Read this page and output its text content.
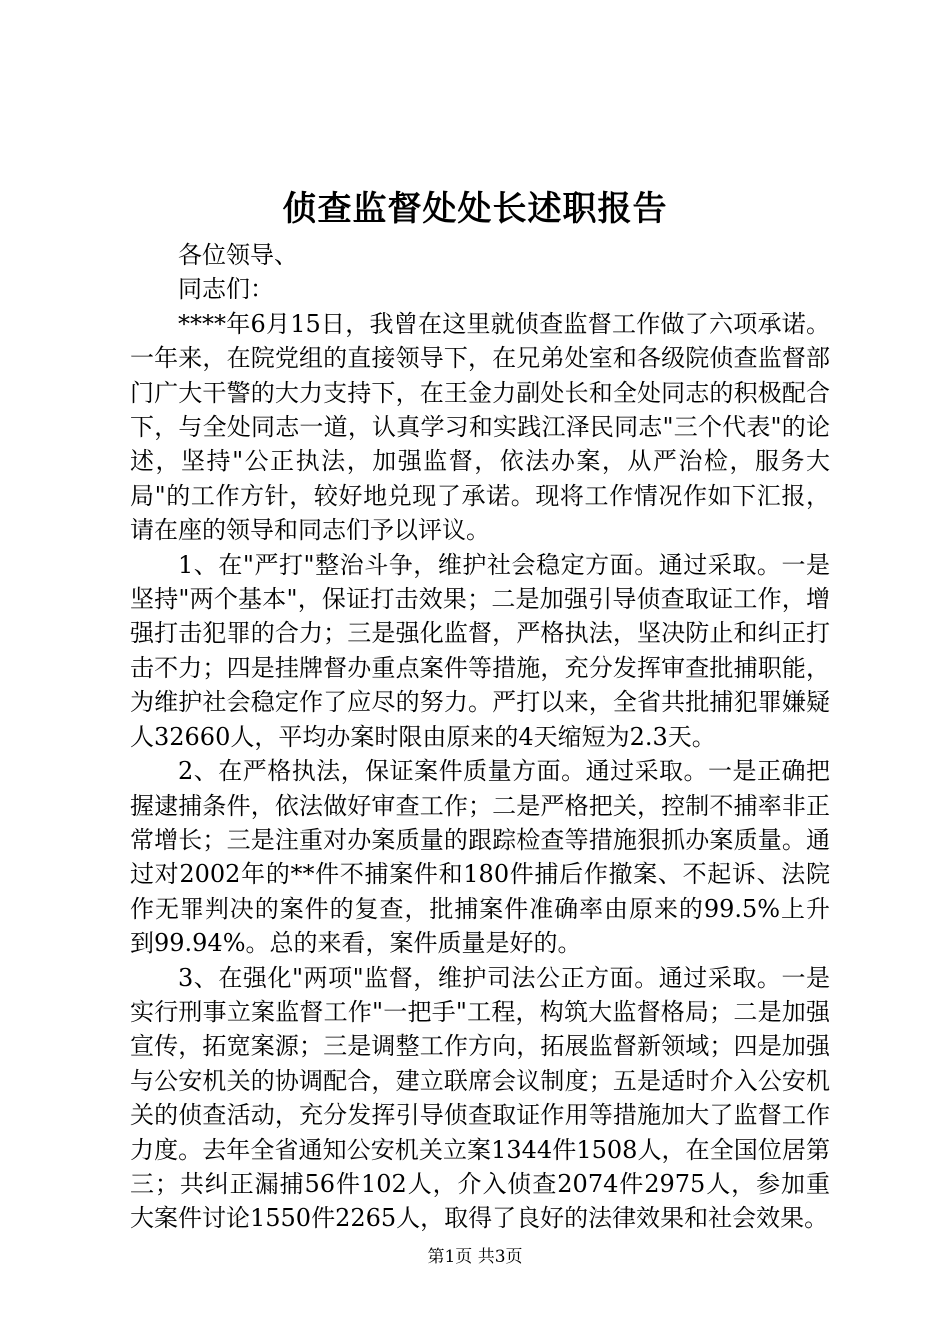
侦查监督处处长述职报告

各位领导、

同志们：

****年6月15日，我曾在这里就侦查监督工作做了六项承诺。一年来，在院党组的直接领导下，在兄弟处室和各级院侦查监督部门广大干警的大力支持下，在王金力副处长和全处同志的积极配合下，与全处同志一道，认真学习和实践江泽民同志"三个代表"的论述，坚持"公正执法，加强监督，依法办案，从严治检，服务大局"的工作方针，较好地兑现了承诺。现将工作情况作如下汇报，请在座的领导和同志们予以评议。

1、在"严打"整治斗争，维护社会稳定方面。通过采取。一是坚持"两个基本"，保证打击效果；二是加强引导侦查取证工作，增强打击犯罪的合力；三是强化监督，严格执法，坚决防止和纠正打击不力；四是挂牌督办重点案件等措施，充分发挥审查批捕职能，为维护社会稳定作了应尽的努力。严打以来，全省共批捕犯罪嫌疑人32660人，平均办案时限由原来的4天缩短为2.3天。

2、在严格执法，保证案件质量方面。通过采取。一是正确把握逮捕条件，依法做好审查工作；二是严格把关，控制不捕率非正常增长；三是注重对办案质量的跟踪检查等措施狠抓办案质量。通过对2002年的**件不捕案件和180件捕后作撤案、不起诉、法院作无罪判决的案件的复查，批捕案件准确率由原来的99.5%上升到99.94%。总的来看，案件质量是好的。

3、在强化"两项"监督，维护司法公正方面。通过采取。一是实行刑事立案监督工作"一把手"工程，构筑大监督格局；二是加强宣传，拓宽案源；三是调整工作方向，拓展监督新领域；四是加强与公安机关的协调配合，建立联席会议制度；五是适时介入公安机关的侦查活动，充分发挥引导侦查取证作用等措施加大了监督工作力度。去年全省通知公安机关立案1344件1508人，在全国位居第三；共纠正漏捕56件102人，介入侦查2074件2975人，参加重大案件讨论1550件2265人，取得了良好的法律效果和社会效果。

第1页 共3页
